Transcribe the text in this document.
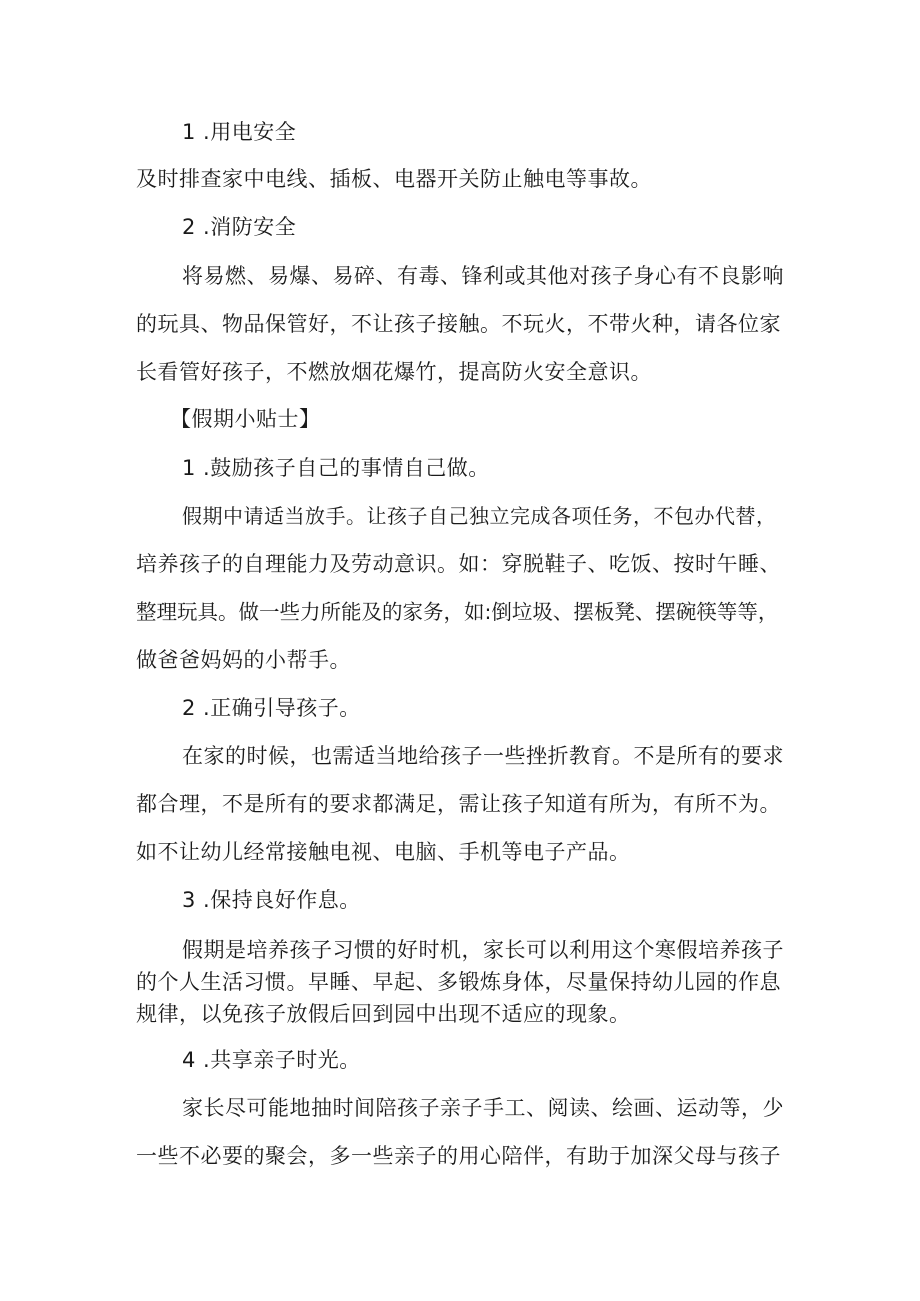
1 .用电安全
及时排查家中电线、插板、电器开关防止触电等事故。
2 .消防安全
将易燃、易爆、易碎、有毒、锋利或其他对孩子身心有不良影响
的玩具、物品保管好，不让孩子接触。不玩火，不带火种，请各位家
长看管好孩子，不燃放烟花爆竹，提高防火安全意识。
【假期小贴士】
1 .鼓励孩子自己的事情自己做。
假期中请适当放手。让孩子自己独立完成各项任务，不包办代替，
培养孩子的自理能力及劳动意识。如：穿脱鞋子、吃饭、按时午睡、
整理玩具。做一些力所能及的家务，如:倒垃圾、摆板凳、摆碗筷等等，
做爸爸妈妈的小帮手。
2 .正确引导孩子。
在家的时候，也需适当地给孩子一些挫折教育。不是所有的要求
都合理，不是所有的要求都满足，需让孩子知道有所为，有所不为。
如不让幼儿经常接触电视、电脑、手机等电子产品。
3 .保持良好作息。
假期是培养孩子习惯的好时机，家长可以利用这个寒假培养孩子
的个人生活习惯。早睡、早起、多锻炼身体，尽量保持幼儿园的作息
规律，以免孩子放假后回到园中出现不适应的现象。
4 .共享亲子时光。
家长尽可能地抽时间陪孩子亲子手工、阅读、绘画、运动等，少
一些不必要的聚会，多一些亲子的用心陪伴，有助于加深父母与孩子
